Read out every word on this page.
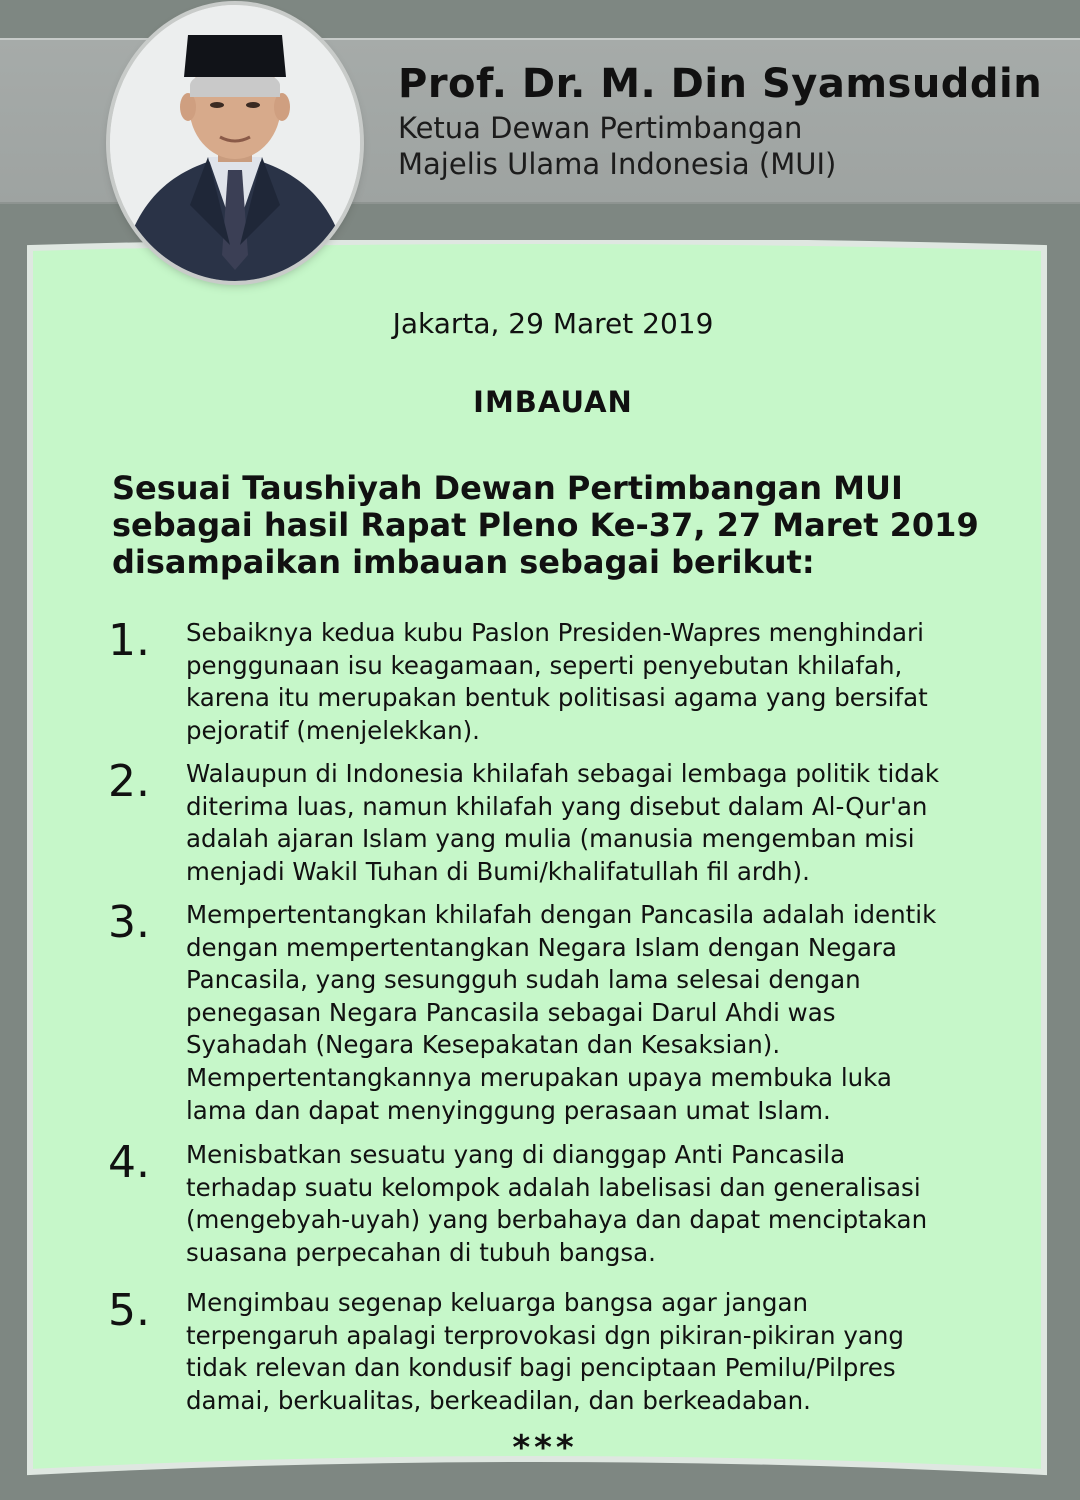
Prof. Dr. M. Din Syamsuddin
Ketua Dewan Pertimbangan
Majelis Ulama Indonesia (MUI)
Jakarta, 29 Maret 2019
IMBAUAN
Sesuai Taushiyah Dewan Pertimbangan MUI sebagai hasil Rapat Pleno Ke-37, 27 Maret 2019 disampaikan imbauan sebagai berikut:
1. Sebaiknya kedua kubu Paslon Presiden-Wapres menghindari
penggunaan isu keagamaan, seperti penyebutan khilafah,
karena itu merupakan bentuk politisasi agama yang bersifat
pejoratif (menjelekkan).
2. Walaupun di Indonesia khilafah sebagai lembaga politik tidak
diterima luas, namun khilafah yang disebut dalam Al-Qur'an
adalah ajaran Islam yang mulia (manusia mengemban misi
menjadi Wakil Tuhan di Bumi/khalifatullah fil ardh).
3. Mempertentangkan khilafah dengan Pancasila adalah identik
dengan mempertentangkan Negara Islam dengan Negara
Pancasila, yang sesungguh sudah lama selesai dengan
penegasan Negara Pancasila sebagai Darul Ahdi was
Syahadah (Negara Kesepakatan dan Kesaksian).
Mempertentangkannya merupakan upaya membuka luka
lama dan dapat menyinggung perasaan umat Islam.
4. Menisbatkan sesuatu yang di dianggap Anti Pancasila
terhadap suatu kelompok adalah labelisasi dan generalisasi
(mengebyah-uyah) yang berbahaya dan dapat menciptakan
suasana perpecahan di tubuh bangsa.
5. Mengimbau segenap keluarga bangsa agar jangan
terpengaruh apalagi terprovokasi dgn pikiran-pikiran yang
tidak relevan dan kondusif bagi penciptaan Pemilu/Pilpres
damai, berkualitas, berkeadilan, dan berkeadaban.
***
